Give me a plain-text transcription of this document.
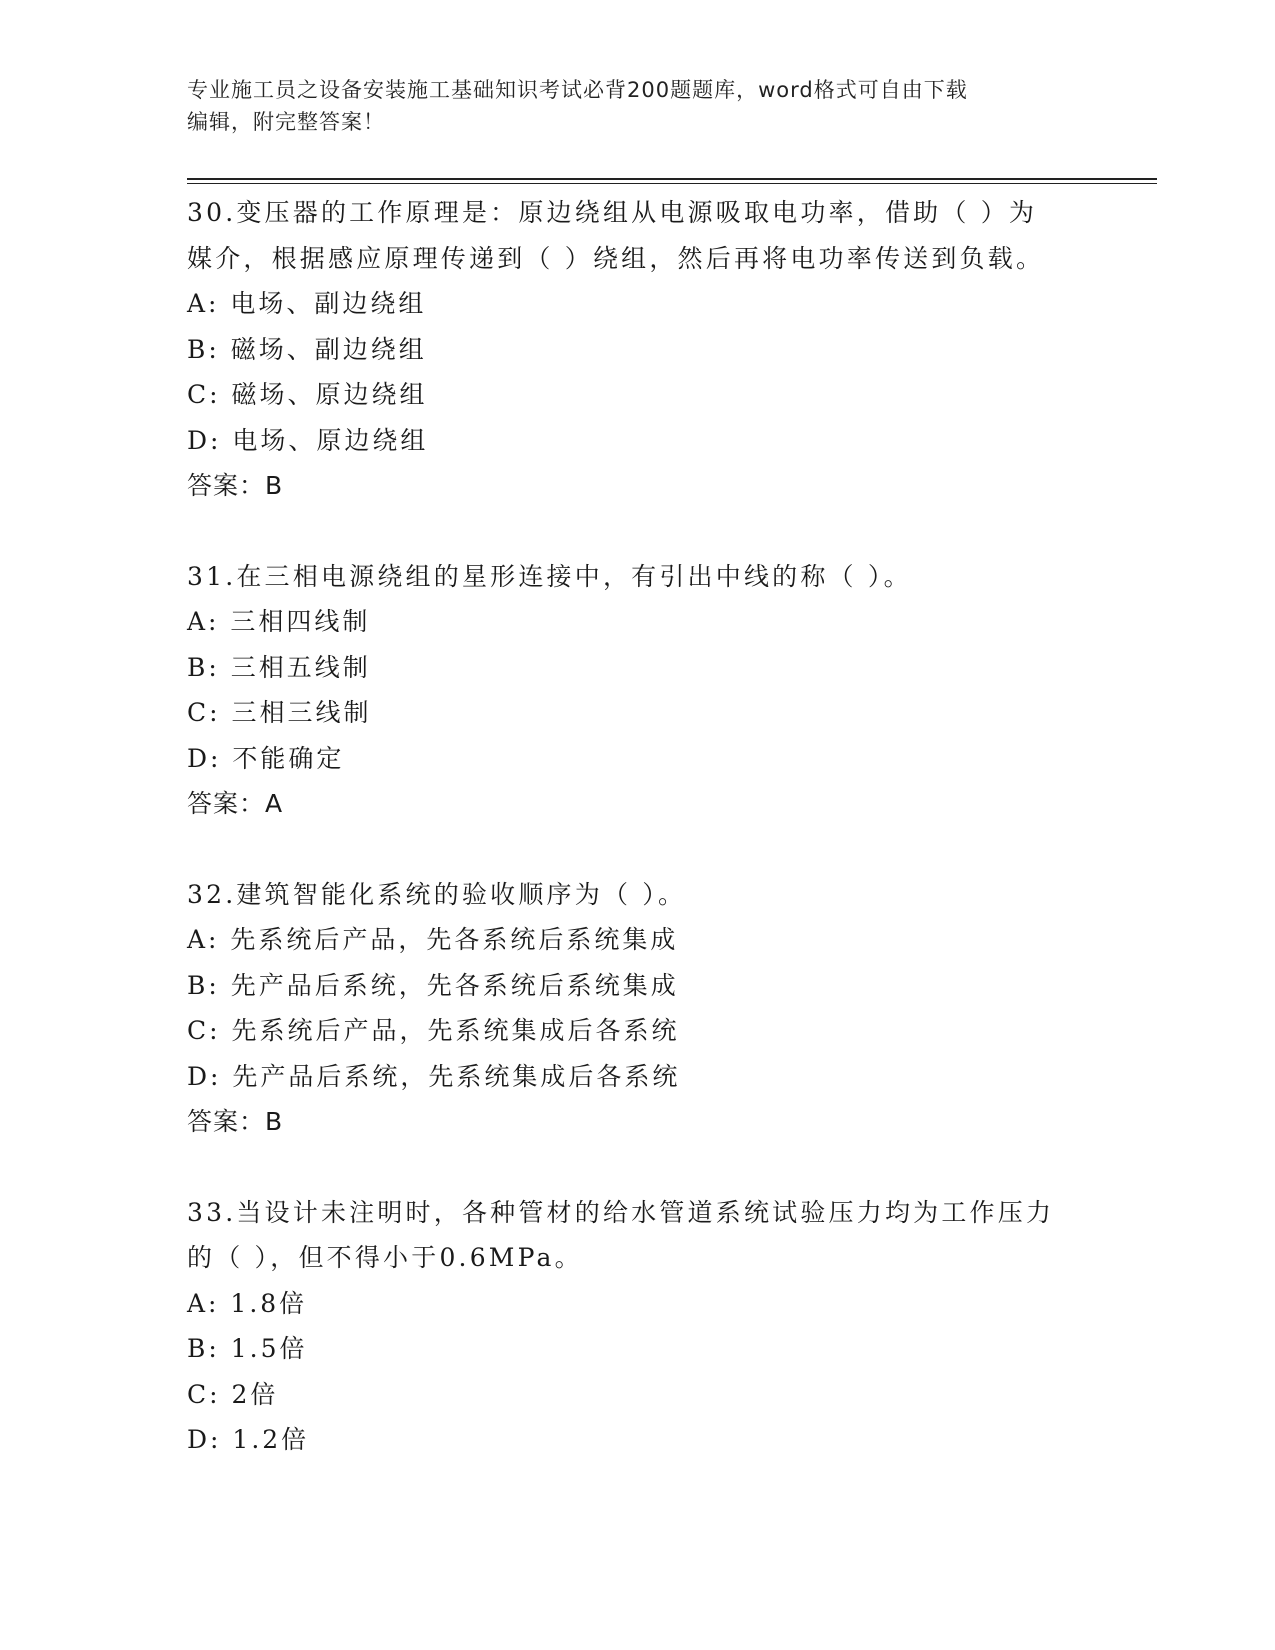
专业施工员之设备安装施工基础知识考试必背200题题库，word格式可自由下载
编辑，附完整答案！
30.变压器的工作原理是：原边绕组从电源吸取电功率，借助（ ）为
媒介，根据感应原理传递到（ ）绕组，然后再将电功率传送到负载。
A: 电场、副边绕组
B: 磁场、副边绕组
C: 磁场、原边绕组
D: 电场、原边绕组
答案：B
31.在三相电源绕组的星形连接中，有引出中线的称（ ）。
A: 三相四线制
B: 三相五线制
C: 三相三线制
D: 不能确定
答案：A
32.建筑智能化系统的验收顺序为（ ）。
A: 先系统后产品，先各系统后系统集成
B: 先产品后系统，先各系统后系统集成
C: 先系统后产品，先系统集成后各系统
D: 先产品后系统，先系统集成后各系统
答案：B
33.当设计未注明时，各种管材的给水管道系统试验压力均为工作压力
的（ ），但不得小于0.6MPa。
A: 1.8倍
B: 1.5倍
C: 2倍
D: 1.2倍
